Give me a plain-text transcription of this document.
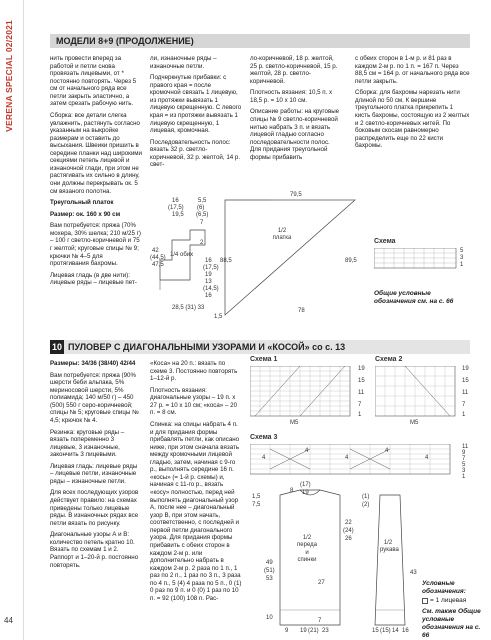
VERENA SPECIAL 02/2021
44
МОДЕЛИ 8+9 (ПРОДОЛЖЕНИЕ)

нить провести вперед за работой и петли снова провязать лицевыми, от * постоянно повторять. Через 5 см от начального ряда все петли закрыть эластично, а затем срезать рабочую нить.

Сборка: все детали слегка увлажнить, растянуть согласно указанным на выкройке размерам и оставить до высыхания. Швеики пришить в середине планки над широкими секциями петель лицевой и изнаночной глади, при этом не растягивать их сильно в длину, они должны перекрывать ок. 5 см вязаного полотна.

Треугольный платок

Размер: ок. 160 х 90 см

Вам потребуется: пряжа (70% мохера, 30% шелка; 210 м/25 г) – 100 г светло-коричневой и 75 г желтой; круговые спицы № 9; крючки № 4–5 для протягивания бахромы.

Лицевая гладь (в двe нити): лицевые ряды – лицевые пет-

ли, изнаночные ряды – изнаночные петли.

Подчеркнутые прибавки: с правого края = после кромочной связать 1 лицевую, из протяжки вывязать 1 лицевую скрещенную. С левого края = из протяжки вывязать 1 лицевую скрещенную, 1 лицевая, кромочная.

Последовательность полос: вязать 32 р. светло-коричневой, 32 р. желтой, 14 р. свет-

ло-коричневой, 18 р. желтой, 25 р. светло-коричневой, 15 р. желтой, 28 р. светло-коричневой.

Плотность вязания: 10,5 п. х 18,5 р. = 10 х 10 см.

Описание работы: на круговые спицы № 9 светло-коричневой нитью набрать 3 п. и вязать лицевой гладью согласно последовательности полос. Для придания треугольной формы прибавить

с обеих сторон в 1-м р. и 81 раз в каждом 2-м р. по 1 п. = 167 п. Через 88,5 см = 164 р. от начального ряда все петли закрыть.

Сборка: для бахромы нарезать нити длиной по 50 см. К вершине треугольного платка прикрепить 1 кисть бахромы, состоящую из 2 желтых и 2 светло-коричневых нитей. По боковым скосам равномерно распределить еще по 22 кисти бахромы.

16
(17,5)
19,5
5,5
(6)
(6,5)
7
42
(44,5)
47,5
1/4 обих
2
16
(17,5)
19
13
(14,5)
16
28,5 (31) 33
79,5
1/2 платка
88,5	89,5
1,5
78
Схема
5
3
1
Общие условные обозначения см. на с. 66
10 ПУЛОВЕР С ДИАГОНАЛЬНЫМИ УЗОРАМИ И «КОСОЙ» со с. 13

Размеры: 34/36 (38/40) 42/44

Вам потребуется: пряжа (90% шерсти беби альпака, 5% мериносовой шерсти, 5% полиамида; 140 м/50 г) – 450 (500) 550 г серо-коричневой; спицы № 5; круговые спицы № 4,5; крючок № 4.

Резинка: круговые ряды – вязать попеременно 3 лицевые, 3 изнаночные, закончить 3 лицевыми.

Лицевая гладь: лицевые ряды – лицевые петли, изнаночные ряды – изнаночные петли.

Для всех последующих узоров действует правило: на схемах приведены только лицевые ряды. В изнаночных рядах все петли вязать по рисунку.

Диагональные узоры А и В: количество петель кратно 10. Вязать по схемам 1 и 2. Раппорт и 1–20-й р. постоянно повторять.

«Коса» на 20 п.: вязать по схеме 3. Постоянно повторять 1–12-й р.

Плотность вязания: диагональные узоры – 19 п. х 27 р. = 10 х 10 см; «коса» – 20 п. = 8 см.

Спинка: на спицы набрать 4 п. и для придания формы прибавлять петли, как описано ниже, при этом сначала вязать между кромочными лицевой гладью, затем, начиная с 9-го р., выполнять середине 16 п. «косы» (= 1-й р. схемы) и, начиная с 11-го р., вязать «косу» полностью, перед ней выполнять диагональный узор А, после нее – диагональный узор B, при этом начать, соответственно, с последней и первой петли диагонального узора. Для придания формы прибавить с обеих сторон в каждом 2-м р. или дополнительно набрать в каждом 2-м р. 2 раза по 1 п., 1 раз по 2 п., 1 раз по 3 п., 3 раза по 4 п., 5 (4) 4 раза по 5 п., 0 (1) 0 раз по 9 п. и 0 (0) 1 раз по 10 п. = 92 (100) 108 п. Рас-

Схема 1
М5
19
15
11
7
1
Схема 2
М5
19
15
11
7
1
Схема 3
4
4
4
4
4
11
9
7
5
3
1
1,5
7,5
8
(17)
19
22
(24)
26
49
(51)
53
10
1/2 переда и спинки
27
7
9 19 (21) 23
(1)
(2)
1/2 рукава
43
15 (15) 14 16
Условные обозначения:
= 1 лицевая
См. также Общие условные обозначения на с. 66
